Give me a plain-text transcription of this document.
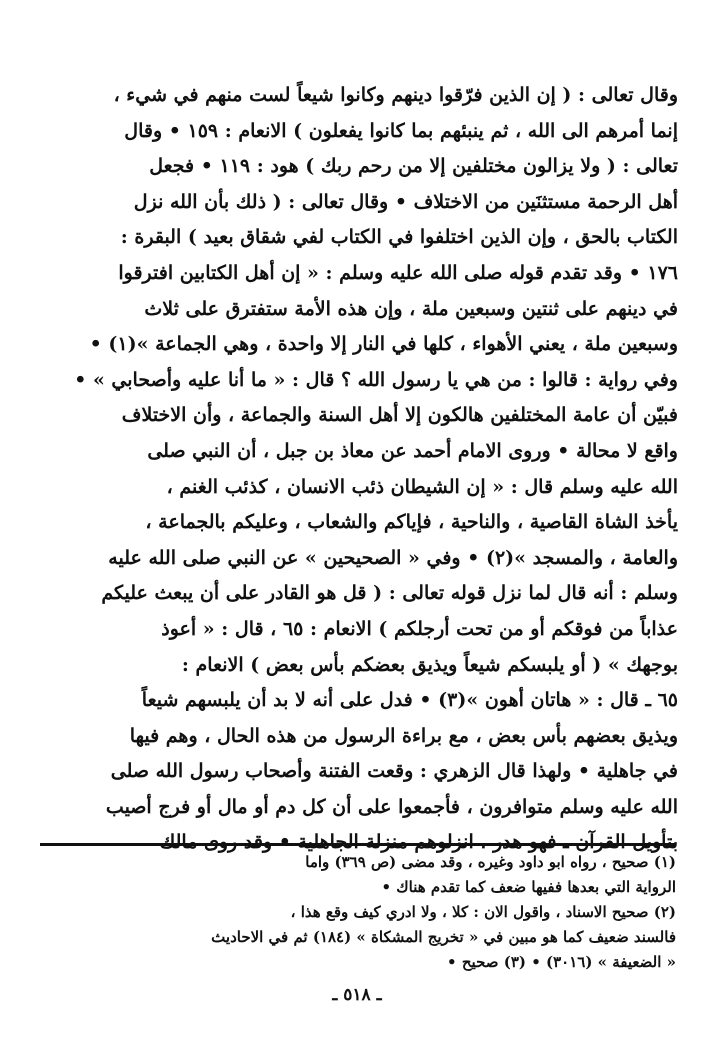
وقال تعالى : ( إن الذين فرّقوا دينهم وكانوا شيعاً لست منهم في شيء ،
إنما أمرهم الى الله ، ثم ينبئهم بما كانوا يفعلون ) الانعام : ١٥٩ • وقال
تعالى : ( ولا يزالون مختلفين إلا من رحم ربك ) هود : ١١٩ • فجعل
أهل الرحمة مستثنَين من الاختلاف • وقال تعالى : ( ذلك بأن الله نزل
الكتاب بالحق ، وإن الذين اختلفوا في الكتاب لفي شقاق بعيد ) البقرة :
١٧٦ • وقد تقدم قوله صلى الله عليه وسلم : « إن أهل الكتابين افترقوا
في دينهم على ثنتين وسبعين ملة ، وإن هذه الأمة ستفترق على ثلاث
وسبعين ملة ، يعني الأهواء ، كلها في النار إلا واحدة ، وهي الجماعة »(١) •
وفي رواية : قالوا : من هي يا رسول الله ؟ قال : « ما أنا عليه وأصحابي » •
فبيّن أن عامة المختلفين هالكون إلا أهل السنة والجماعة ، وأن الاختلاف
واقع لا محالة • وروى الامام أحمد عن معاذ بن جبل ، أن النبي صلى
الله عليه وسلم قال : « إن الشيطان ذئب الانسان ، كذئب الغنم ،
يأخذ الشاة القاصية ، والناحية ، فإياكم والشعاب ، وعليكم بالجماعة ،
والعامة ، والمسجد »(٢) • وفي « الصحيحين » عن النبي صلى الله عليه
وسلم : أنه قال لما نزل قوله تعالى : ( قل هو القادر على أن يبعث عليكم
عذاباً من فوقكم أو من تحت أرجلكم ) الانعام : ٦٥ ، قال : « أعوذ
بوجهك » ( أو يلبسكم شيعاً ويذيق بعضكم بأس بعض ) الانعام :
٦٥ ـ قال : « هاتان أهون »(٣) • فدل على أنه لا بد أن يلبسهم شيعاً
ويذيق بعضهم بأس بعض ، مع براءة الرسول من هذه الحال ، وهم فيها
في جاهلية • ولهذا قال الزهري : وقعت الفتنة وأصحاب رسول الله صلى
الله عليه وسلم متوافرون ، فأجمعوا على أن كل دم أو مال أو فرج أصيب
بتأويل القرآن ـ فهو هدر ، انزلوهم منزلة الجاهلية • وقد روى مالك
(١) صحيح ، رواه ابو داود وغيره ، وقد مضى (ص ٣٦٩) واما
الرواية التي بعدها ففيها ضعف كما تقدم هناك •
(٢) صحيح الاسناد ، واقول الان : كلا ، ولا ادري كيف وقع هذا ،
فالسند ضعيف كما هو مبين في « تخريج المشكاة » (١٨٤) ثم في الاحاديث
« الضعيفة » (٣٠١٦) • (٣) صحيح •
ـ ٥١٨ ـ
